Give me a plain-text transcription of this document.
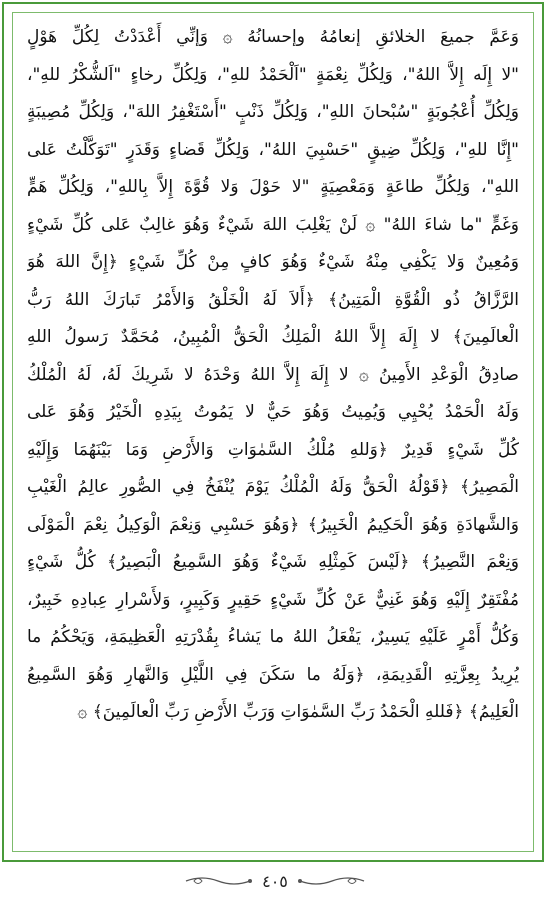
وَعَمَّ جميعَ الخلائقِ إنعامُهُ وإحسانُهُ ۞ وَإنِّي أَعْدَدْتُ لِكُلِّ هَوْلٍ
"لا إِلَه إِلاَّ اللهُ"، وَلِكُلِّ نِعْمَةٍ "اَلْحَمْدُ للهِ"، وَلِكُلِّ رخاءٍ "اَلشُّكْرُ للهِ"،
وَلِكُلِّ أُعْجُوبَةٍ "سُبْحانَ اللهِ"، وَلِكُلِّ ذَنْبٍ "أَسْتَغْفِرُ اللهَ"، وَلِكُلِّ مُصِيبَةٍ
"إِنَّا للهِ"، وَلِكُلِّ ضِيقٍ "حَسْبِيَ اللهُ"، وَلِكُلِّ قَضاءٍ وَقَدَرٍ "تَوَكَّلْتُ عَلى
اللهِ"، وَلِكُلِّ طاعَةٍ وَمَعْصِيَةٍ "لا حَوْلَ وَلا قُوَّةَ إِلاَّ بِاللهِ"، وَلِكُلِّ هَمٍّ
وَغَمٍّ "ما شاءَ اللهُ" ۞ لَنْ يَغْلِبَ اللهَ شَيْءٌ وَهُوَ غالِبٌ عَلى كُلِّ شَيْءٍ
وَمُعِينٌ وَلا يَكْفِي مِنْهُ شَيْءٌ وَهُوَ كافٍ مِنْ كُلِّ شَيْءٍ ﴿إِنَّ اللهَ هُوَ
الرَّزَّاقُ ذُو الْقُوَّةِ الْمَتِينُ﴾ ﴿أَلاَ لَهُ الْخَلْقُ وَالأَمْرُ تَبارَكَ اللهُ رَبُّ
الْعالَمِينَ﴾ لا إِلَهَ إِلاَّ اللهُ الْمَلِكُ الْحَقُّ الْمُبِينُ، مُحَمَّدٌ رَسولُ اللهِ
صادِقُ الْوَعْدِ الأَمِينُ ۞ لا إِلَهَ إِلاَّ اللهُ وَحْدَهُ لا شَرِيكَ لَهُ، لَهُ الْمُلْكُ
وَلَهُ الْحَمْدُ يُحْيِي وَيُمِيتُ وَهُوَ حَيٌّ لا يَمُوتُ بِيَدِهِ الْخَيْرُ وَهُوَ عَلى
كُلِّ شَيْءٍ قَدِيرٌ ﴿وَللهِ مُلْكُ السَّمٰوَاتِ وَالأَرْضِ وَمَا بَيْنَهُمَا وَإِلَيْهِ
الْمَصِيرُ﴾ ﴿قَوْلُهُ الْحَقُّ وَلَهُ الْمُلْكُ يَوْمَ يُنْفَخُ فِي الصُّورِ عالِمُ الْغَيْبِ
وَالشَّهادَةِ وَهُوَ الْحَكِيمُ الْخَبِيرُ﴾ ﴿وَهُوَ حَسْبِي وَنِعْمَ الْوَكِيلُ نِعْمَ الْمَوْلَى
وَنِعْمَ النَّصِيرُ﴾ ﴿لَيْسَ كَمِثْلِهِ شَيْءٌ وَهُوَ السَّمِيعُ الْبَصِيرُ﴾ كُلُّ شَيْءٍ
مُفْتَقِرٌ إِلَيْهِ وَهُوَ غَنِيٌّ عَنْ كُلِّ شَيْءٍ حَقِيرٍ وَكَبِيرٍ، وَلأَسْرارِ عِبادِهِ خَبِيرٌ،
وَكُلُّ أَمْرٍ عَلَيْهِ يَسِيرٌ، يَفْعَلُ اللهُ ما يَشاءُ بِقُدْرَتِهِ الْعَظِيمَةِ، وَيَحْكُمُ ما
يُرِيدُ بِعِزَّتِهِ الْقَدِيمَةِ، ﴿وَلَهُ ما سَكَنَ فِي اللَّيْلِ وَالنَّهارِ وَهُوَ السَّمِيعُ
الْعَلِيمُ﴾ ﴿فَللهِ الْحَمْدُ رَبِّ السَّمٰوَاتِ وَرَبِّ الأَرْضِ رَبِّ الْعالَمِينَ﴾ ۞
٤٠٥
